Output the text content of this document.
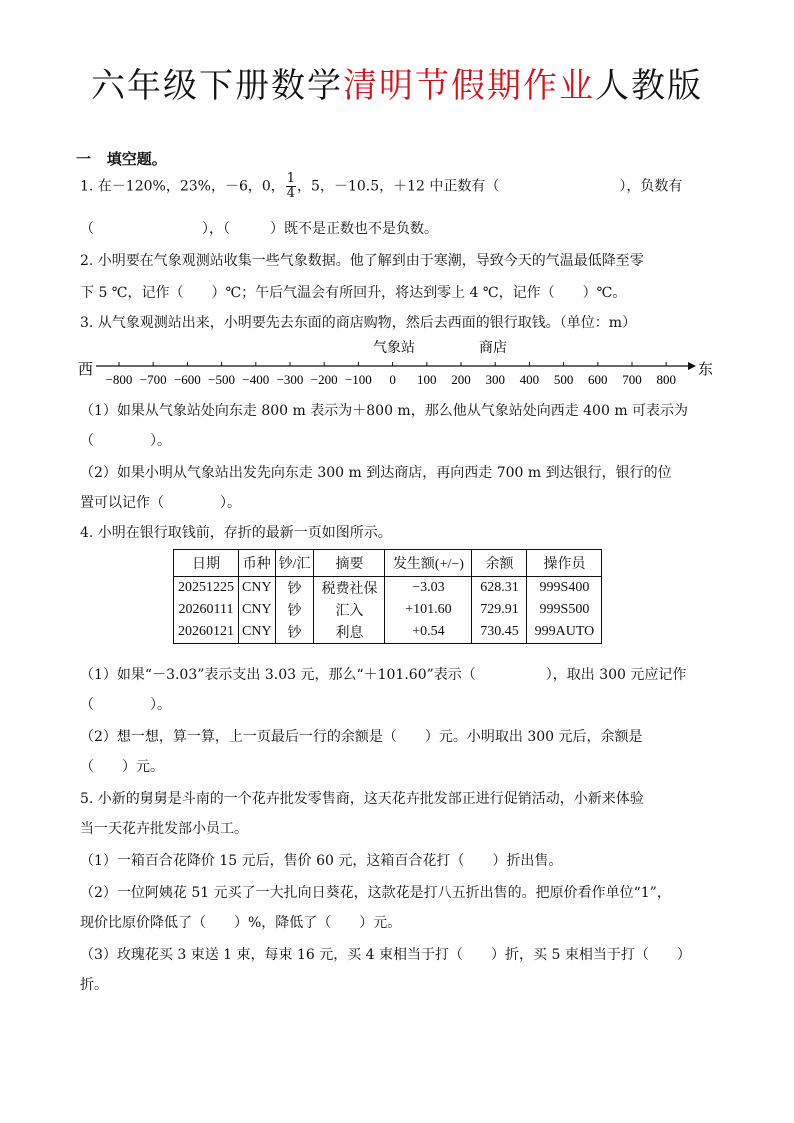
六年级下册数学清明节假期作业人教版
一 填空题。
1. 在－120%，23%，－6，0， $\frac{1}{4}$ ，5，－10.5，＋12 中正数有（	），负数有
（	），（	）既不是正数也不是负数。
2. 小明要在气象观测站收集一些气象数据。他了解到由于寒潮，导致今天的气温最低降至零
下 5 ℃，记作（　　）℃；午后气温会有所回升，将达到零上 4 ℃，记作（　　）℃。
3. 从气象观测站出来，小明要先去东面的商店购物，然后去西面的银行取钱。（单位：m）
西	东
气象站	商店
−800 −700 −600 −500 −400 −300 −200 −100 0 100 200 300 400 500 600 700 800
（1）如果从气象站处向东走 800 m 表示为＋800 m，那么他从气象站处向西走 400 m 可表示为
（　　　　）。
（2）如果小明从气象站出发先向东走 300 m 到达商店，再向西走 700 m 到达银行，银行的位
置可以记作（　　　　）。
4. 小明在银行取钱前，存折的最新一页如图所示。
日期	币种	钞/汇	摘要	发生额(+/−)	余额	操作员
20251225	CNY	钞	税费社保	−3.03	628.31	999S400
20260111	CNY	钞	汇入	+101.60	729.91	999S500
20260121	CNY	钞	利息	+0.54	730.45	999AUTO
（1）如果“－3.03”表示支出 3.03 元，那么“＋101.60”表示（　　　　　），取出 300 元应记作
（　　　　）。
（2）想一想，算一算，上一页最后一行的余额是（　　）元。小明取出 300 元后，余额是
（　　）元。
5. 小新的舅舅是斗南的一个花卉批发零售商，这天花卉批发部正进行促销活动，小新来体验
当一天花卉批发部小员工。
（1）一箱百合花降价 15 元后，售价 60 元，这箱百合花打（　　）折出售。
（2）一位阿姨花 51 元买了一大扎向日葵花，这款花是打八五折出售的。把原价看作单位“1”，
现价比原价降低了（　　）%，降低了（　　）元。
（3）玫瑰花买 3 束送 1 束，每束 16 元，买 4 束相当于打（　　）折，买 5 束相当于打（　　）
折。
